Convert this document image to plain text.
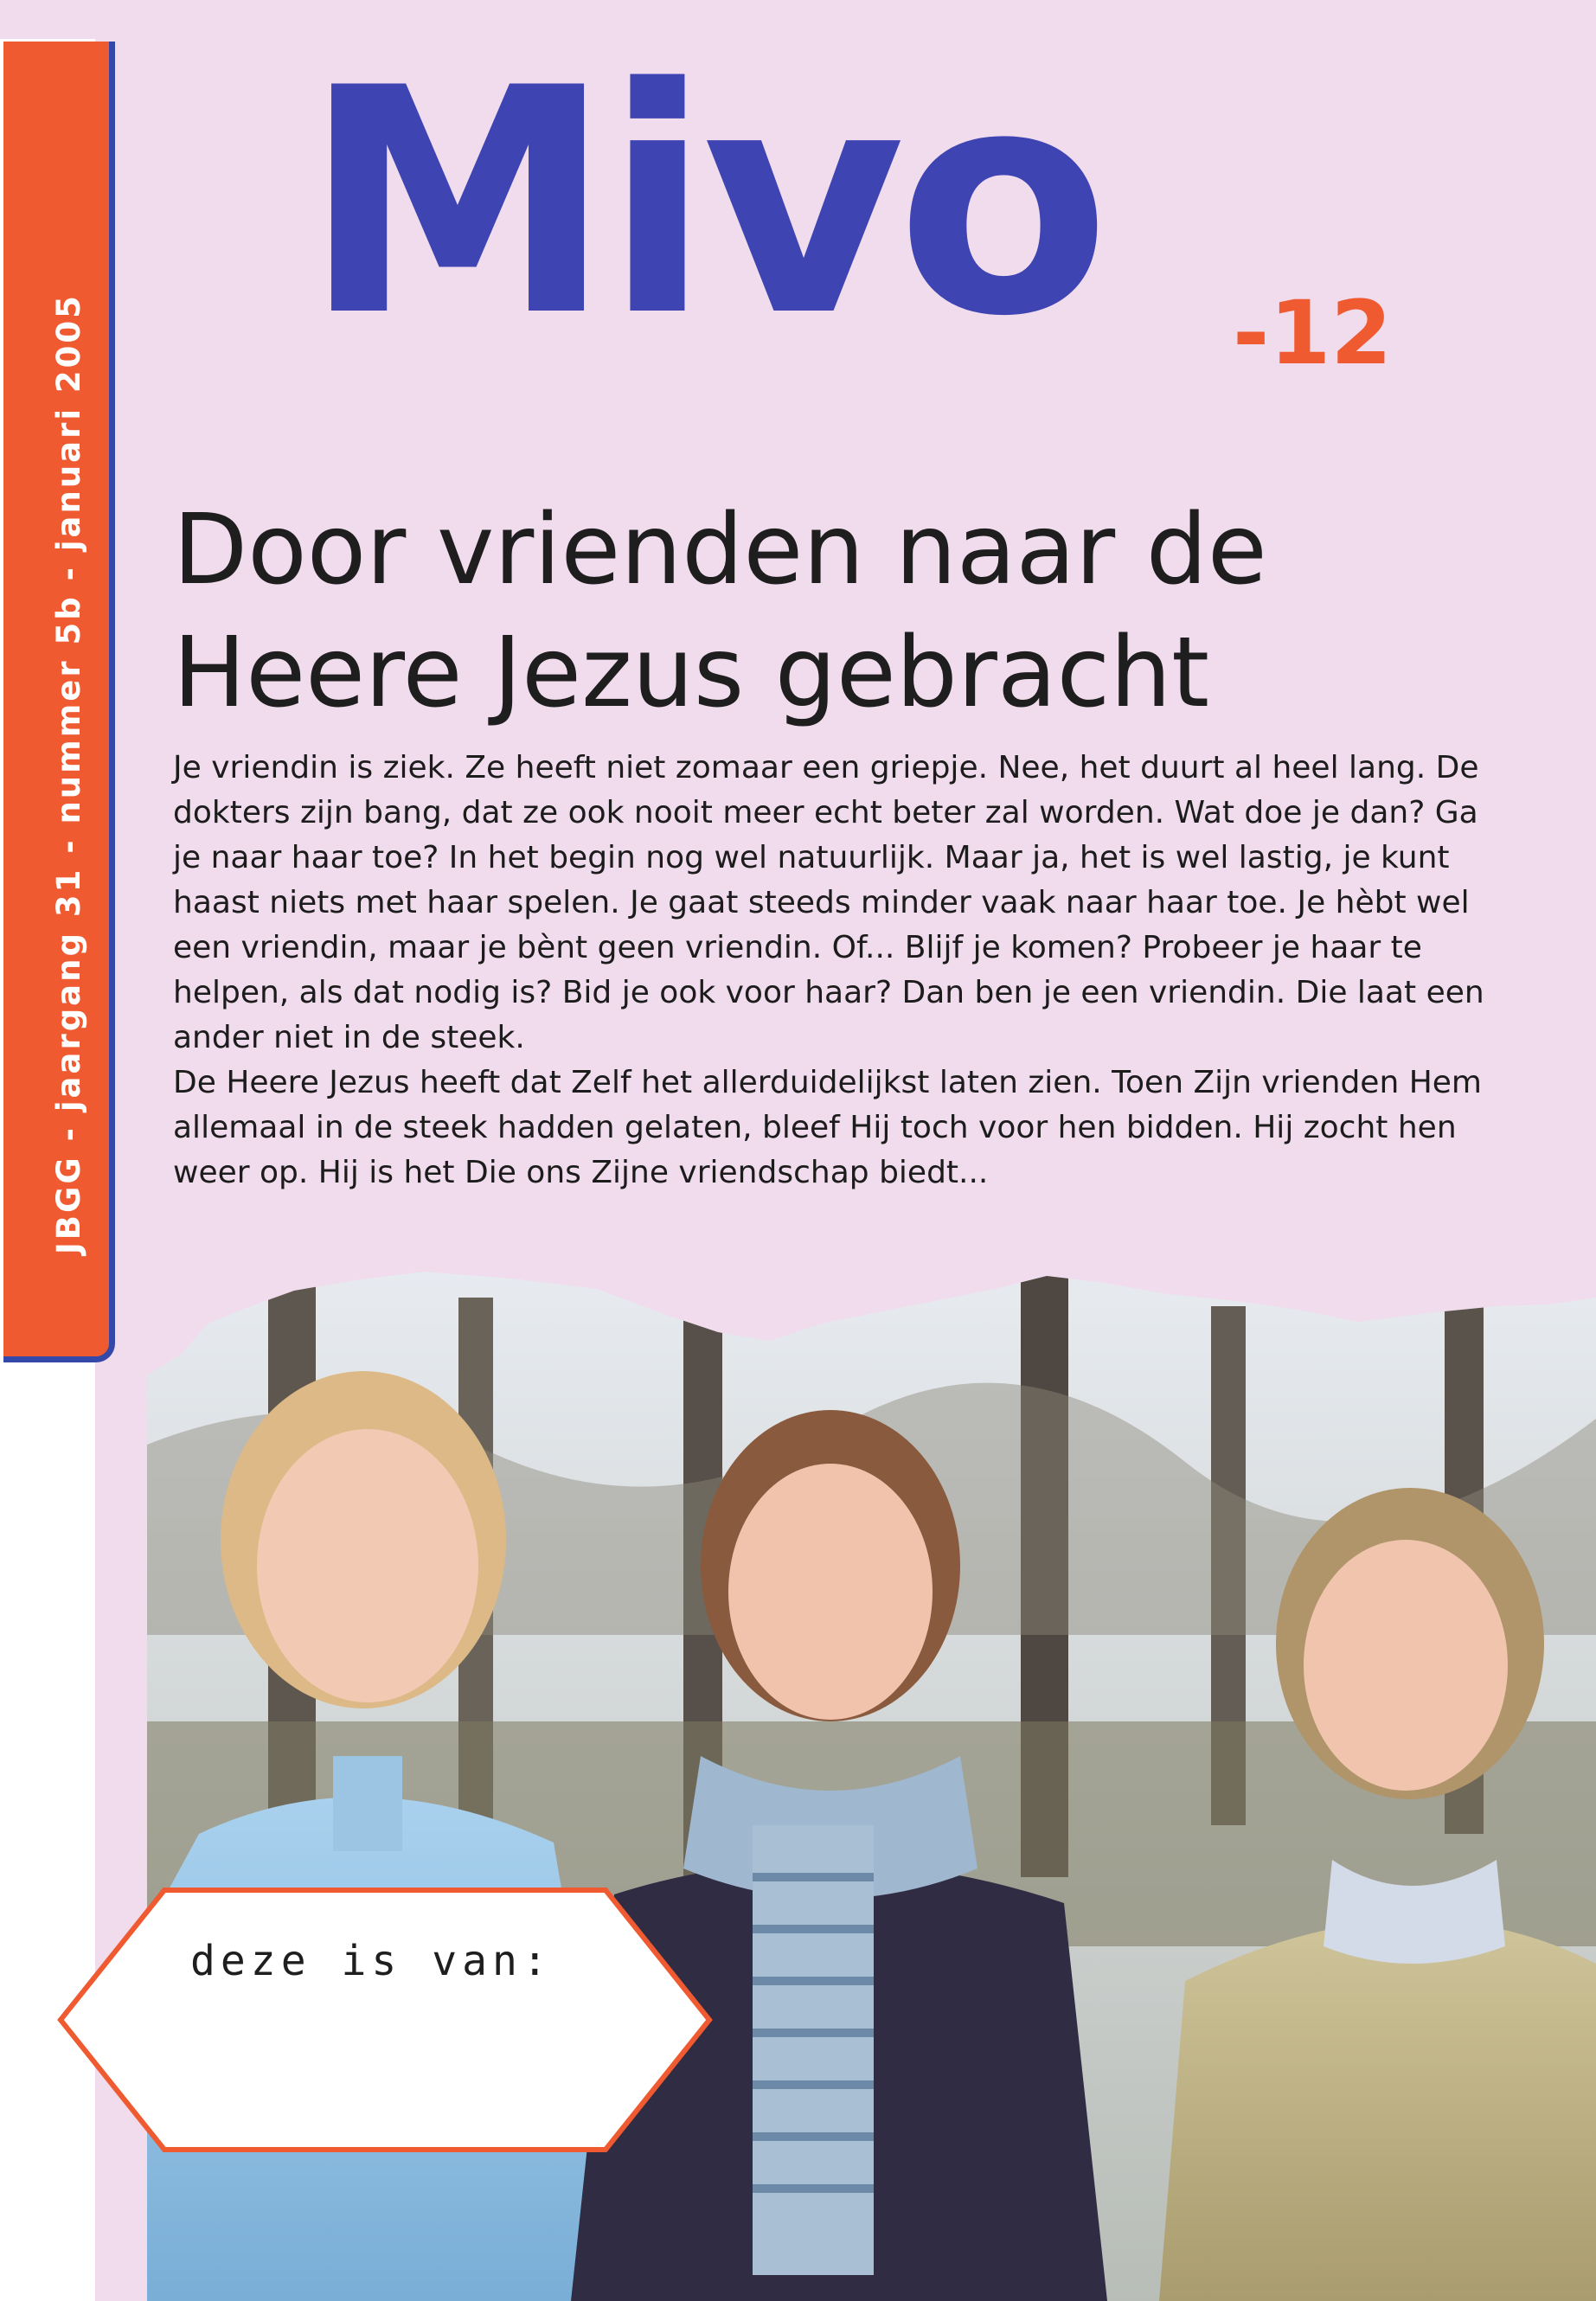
JBGG - jaargang 31 - nummer 5b - januari 2005
Mivo -12
Door vrienden naar de
Heere Jezus gebracht

Je vriendin is ziek. Ze heeft niet zomaar een griepje. Nee, het duurt al heel lang. De dokters zijn bang, dat ze ook nooit meer echt beter zal worden. Wat doe je dan? Ga je naar haar toe? In het begin nog wel natuurlijk. Maar ja, het is wel lastig, je kunt haast niets met haar spelen. Je gaat steeds minder vaak naar haar toe. Je hèbt wel een vriendin, maar je bènt geen vriendin. Of... Blijf je komen? Probeer je haar te helpen, als dat nodig is? Bid je ook voor haar? Dan ben je een vriendin. Die laat een ander niet in de steek.

De Heere Jezus heeft dat Zelf het allerduidelijkst laten zien. Toen Zijn vrienden Hem allemaal in de steek hadden gelaten, bleef Hij toch voor hen bidden. Hij zocht hen weer op. Hij is het Die ons Zijne vriendschap biedt...

deze is van:
